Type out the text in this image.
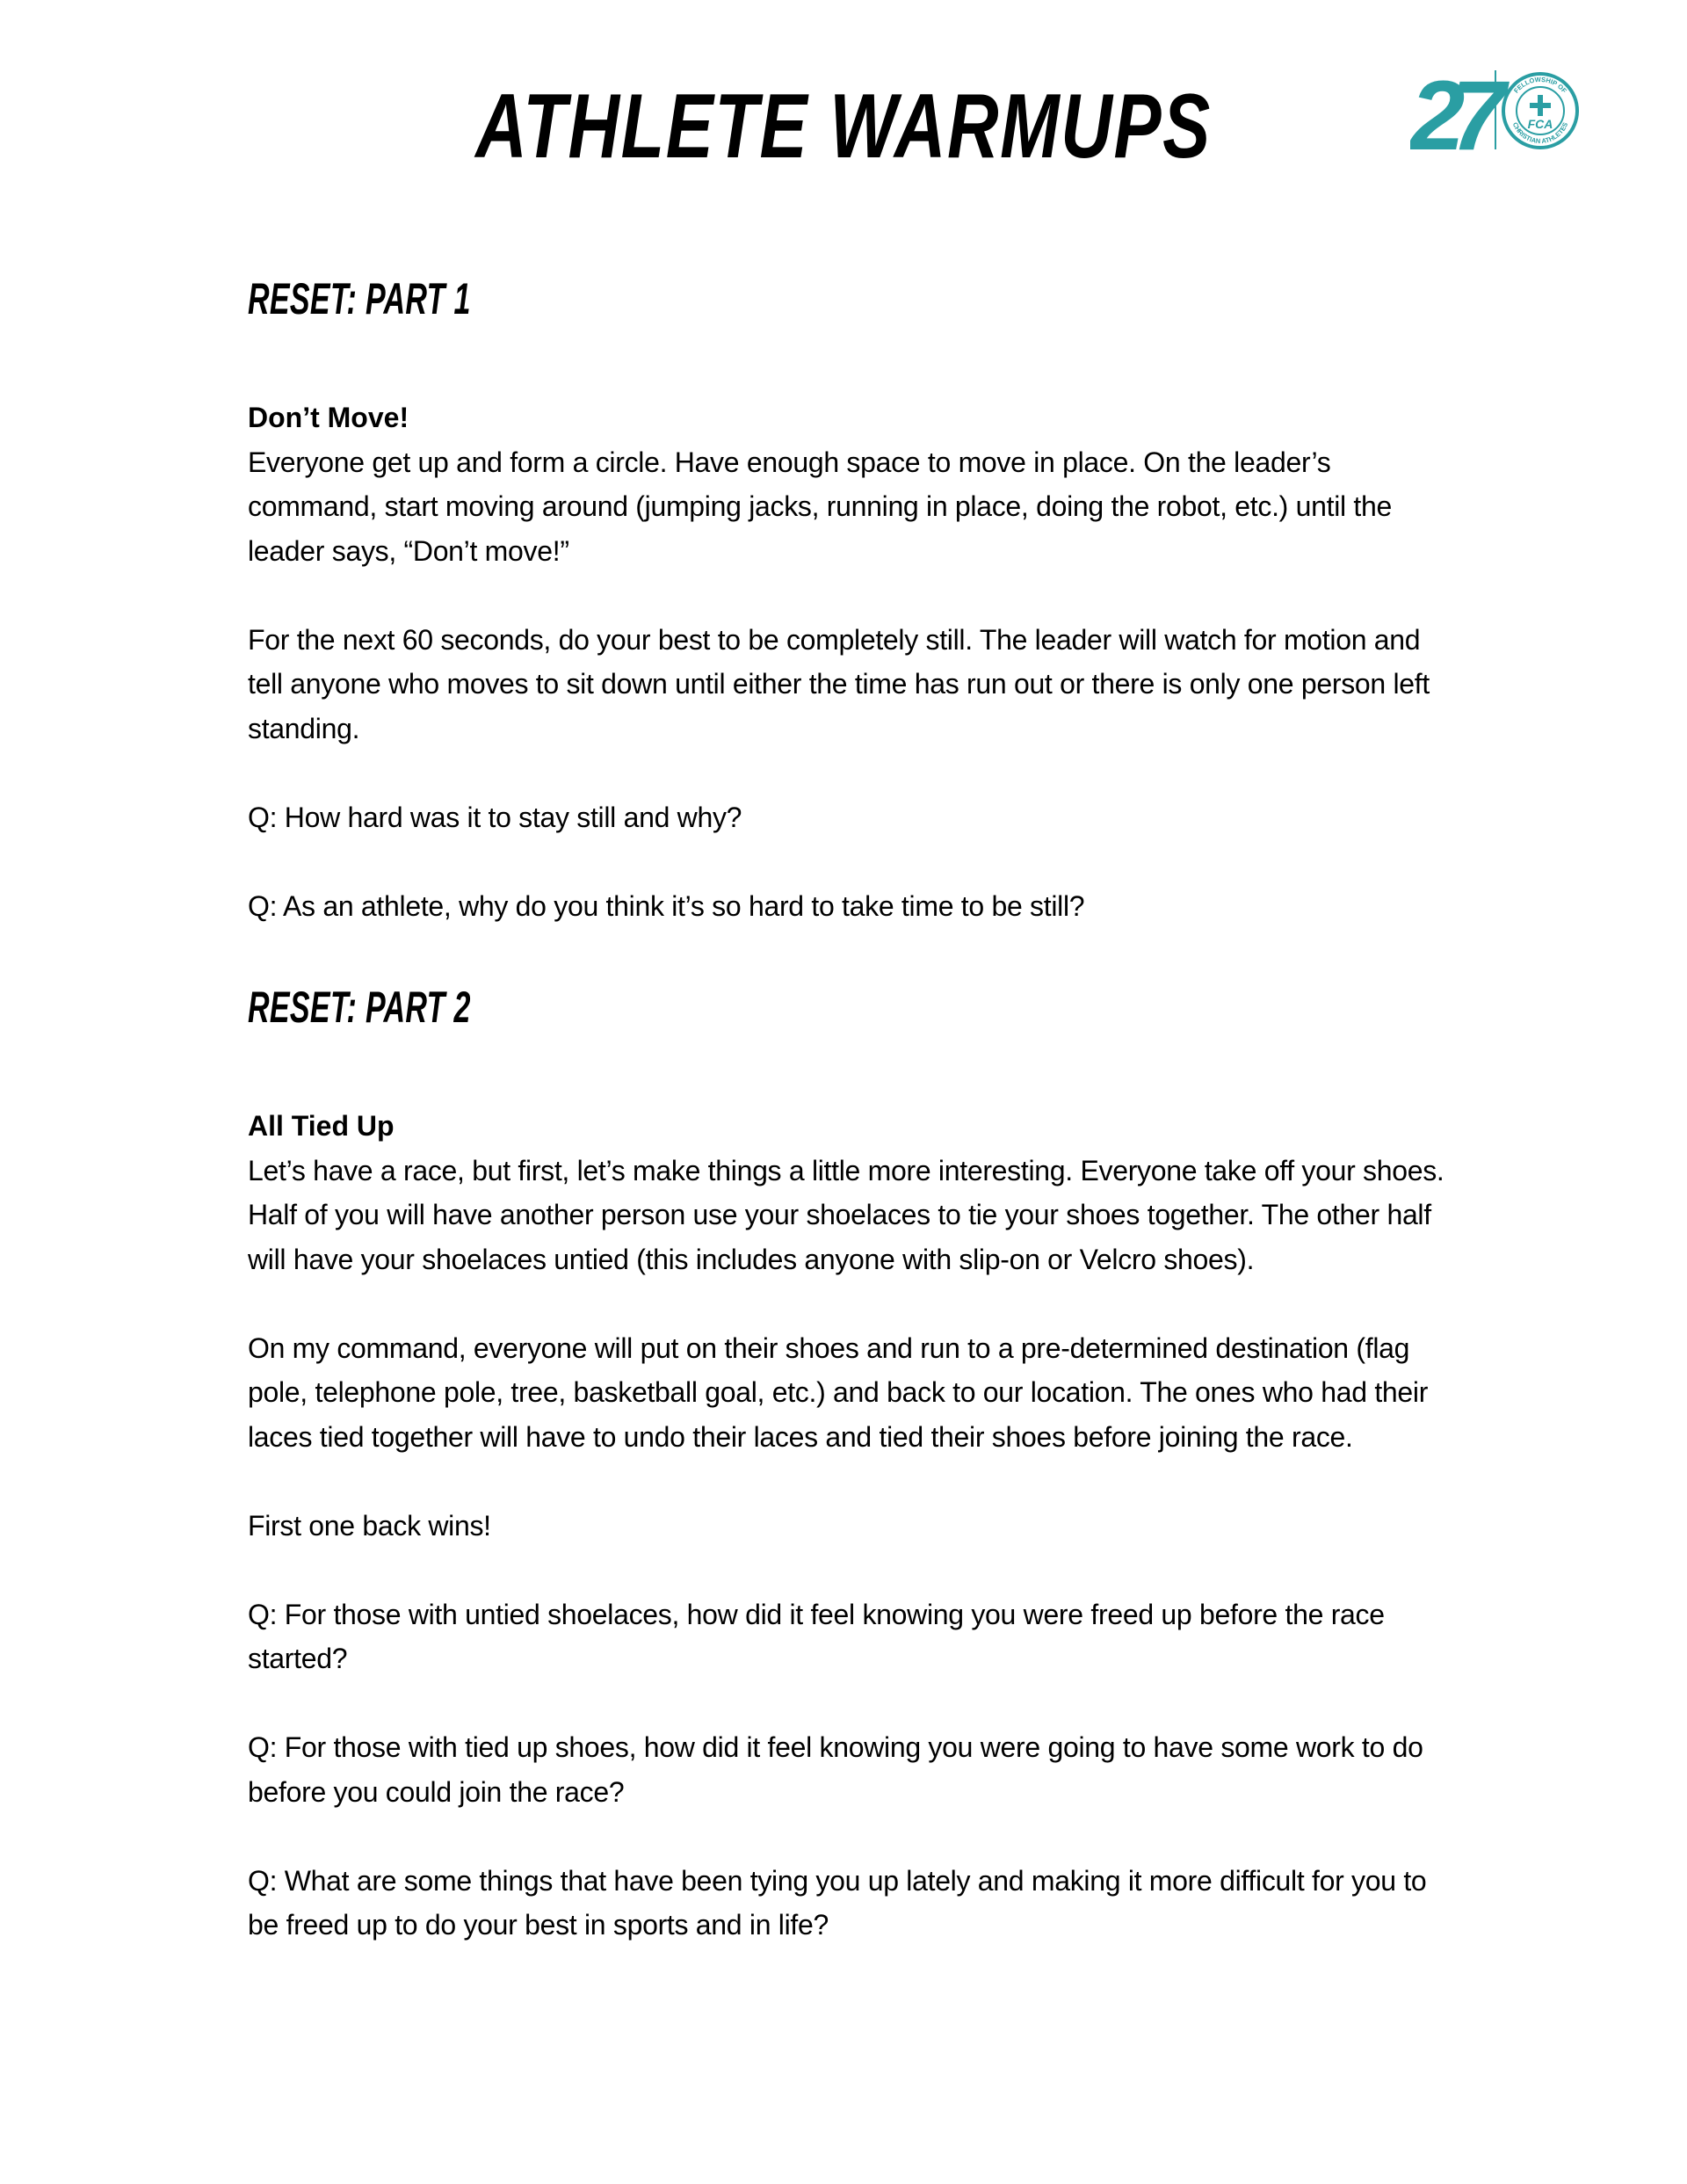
ATHLETE WARMUPS	27	FELLOWSHIP OF
CHRISTIAN ATHLETES
FCA
RESET: PART 1
Don’t Move!

Everyone get up and form a circle. Have enough space to move in place. On the leader’s command, start moving around (jumping jacks, running in place, doing the robot, etc.) until the leader says, “Don’t move!”

For the next 60 seconds, do your best to be completely still. The leader will watch for motion and tell anyone who moves to sit down until either the time has run out or there is only one person left standing.

Q: How hard was it to stay still and why?

Q: As an athlete, why do you think it’s so hard to take time to be still?

RESET: PART 2
All Tied Up

Let’s have a race, but first, let’s make things a little more interesting. Everyone take off your shoes. Half of you will have another person use your shoelaces to tie your shoes together. The other half will have your shoelaces untied (this includes anyone with slip-on or Velcro shoes).

On my command, everyone will put on their shoes and run to a pre-determined destination (flag pole, telephone pole, tree, basketball goal, etc.) and back to our location. The ones who had their laces tied together will have to undo their laces and tied their shoes before joining the race.

First one back wins!

Q: For those with untied shoelaces, how did it feel knowing you were freed up before the race started?

Q: For those with tied up shoes, how did it feel knowing you were going to have some work to do before you could join the race?

Q: What are some things that have been tying you up lately and making it more difficult for you to be freed up to do your best in sports and in life?
